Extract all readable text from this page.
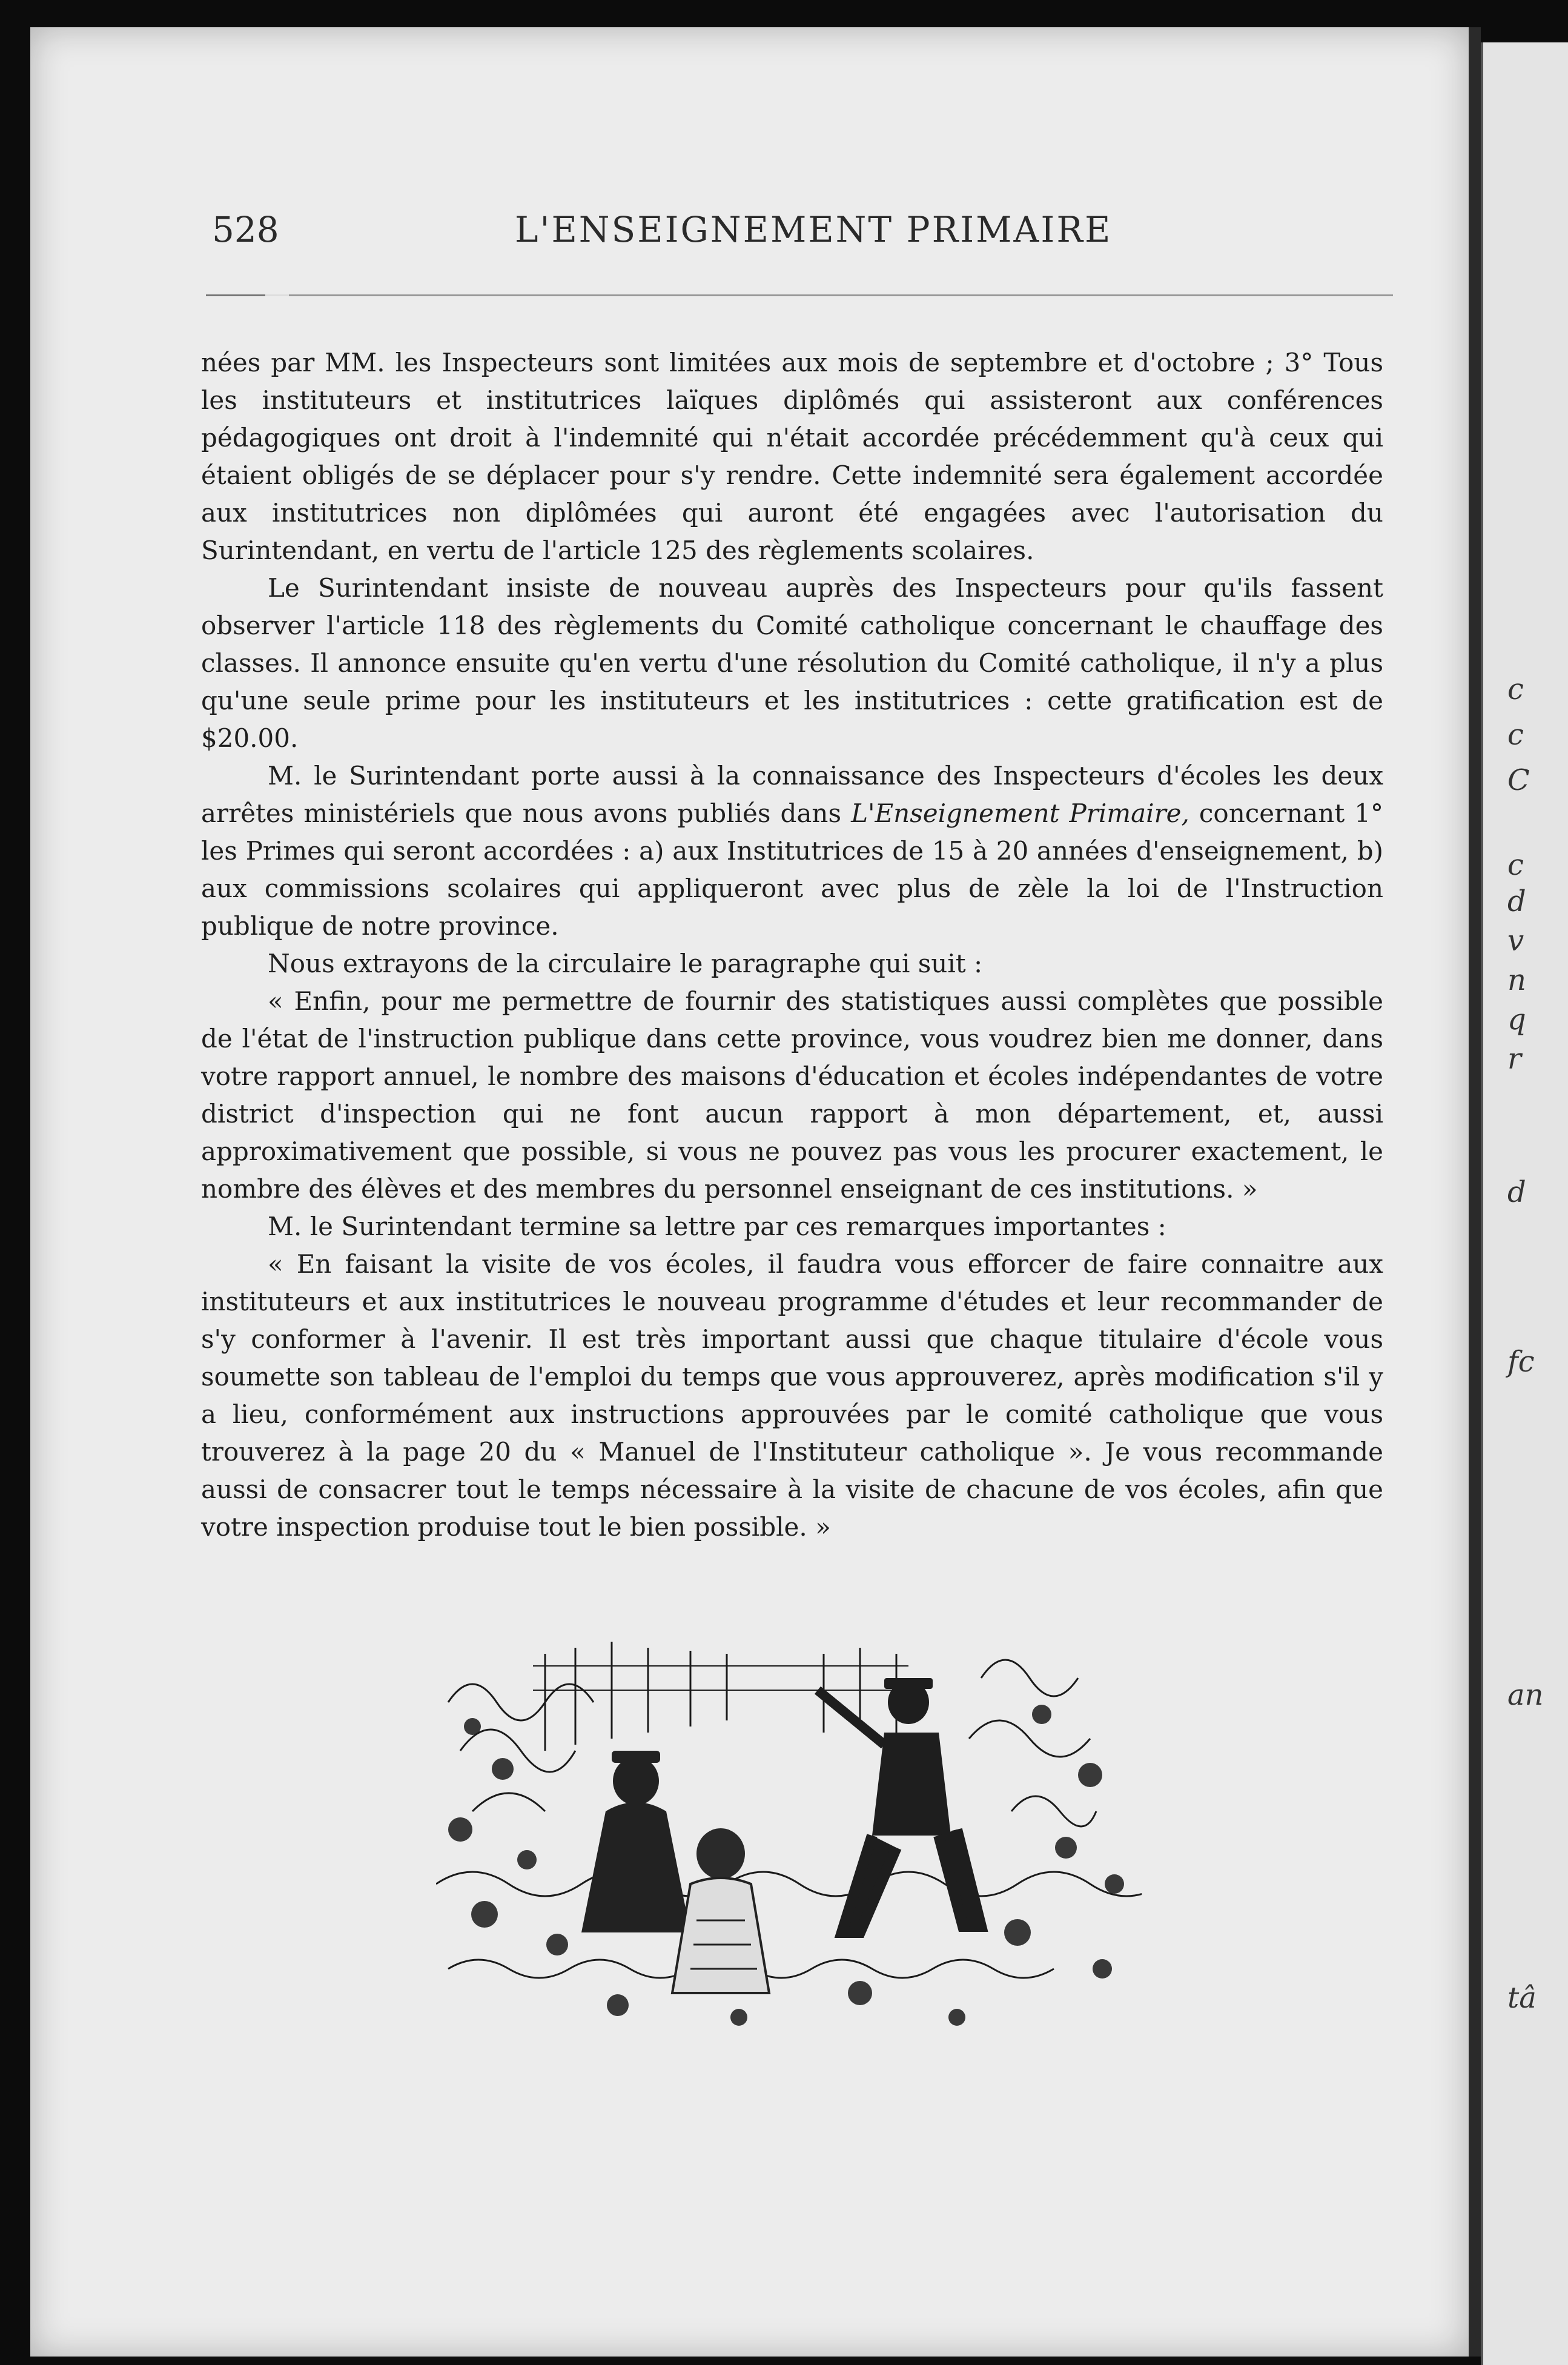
c
c
C
c
d
v
n
q
r
d
fc
an
tâ
528	L'ENSEIGNEMENT PRIMAIRE

nées par MM. les Inspecteurs sont limitées aux mois de septembre et d'octobre ; 3° Tous les instituteurs et institutrices laïques diplômés qui assisteront aux conférences pédagogiques ont droit à l'indemnité qui n'était accordée précédemment qu'à ceux qui étaient obligés de se déplacer pour s'y rendre. Cette indemnité sera également accordée aux institutrices non diplômées qui auront été engagées avec l'autorisation du Surintendant, en vertu de l'article 125 des règlements scolaires.

Le Surintendant insiste de nouveau auprès des Inspecteurs pour qu'ils fassent observer l'article 118 des règlements du Comité catholique concernant le chauffage des classes. Il annonce ensuite qu'en vertu d'une résolution du Comité catholique, il n'y a plus qu'une seule prime pour les instituteurs et les institutrices : cette gratification est de $20.00.

M. le Surintendant porte aussi à la connaissance des Inspecteurs d'écoles les deux arrêtes ministériels que nous avons publiés dans L'Enseignement Primaire, concernant 1° les Primes qui seront accordées : a) aux Institutrices de 15 à 20 années d'enseignement, b) aux commissions scolaires qui appliqueront avec plus de zèle la loi de l'Instruction publique de notre province.

Nous extrayons de la circulaire le paragraphe qui suit :

« Enfin, pour me permettre de fournir des statistiques aussi complètes que possible de l'état de l'instruction publique dans cette province, vous voudrez bien me donner, dans votre rapport annuel, le nombre des maisons d'éducation et écoles indépendantes de votre district d'inspection qui ne font aucun rapport à mon département, et, aussi approximativement que possible, si vous ne pouvez pas vous les procurer exactement, le nombre des élèves et des membres du personnel enseignant de ces institutions. »

M. le Surintendant termine sa lettre par ces remarques importantes :

« En faisant la visite de vos écoles, il faudra vous efforcer de faire connaitre aux instituteurs et aux institutrices le nouveau programme d'études et leur recommander de s'y conformer à l'avenir. Il est très important aussi que chaque titulaire d'école vous soumette son tableau de l'emploi du temps que vous approuverez, après modification s'il y a lieu, conformément aux instructions approuvées par le comité catholique que vous trouverez à la page 20 du « Manuel de l'Instituteur catholique ». Je vous recommande aussi de consacrer tout le temps nécessaire à la visite de chacune de vos écoles, afin que votre inspection produise tout le bien possible. »
